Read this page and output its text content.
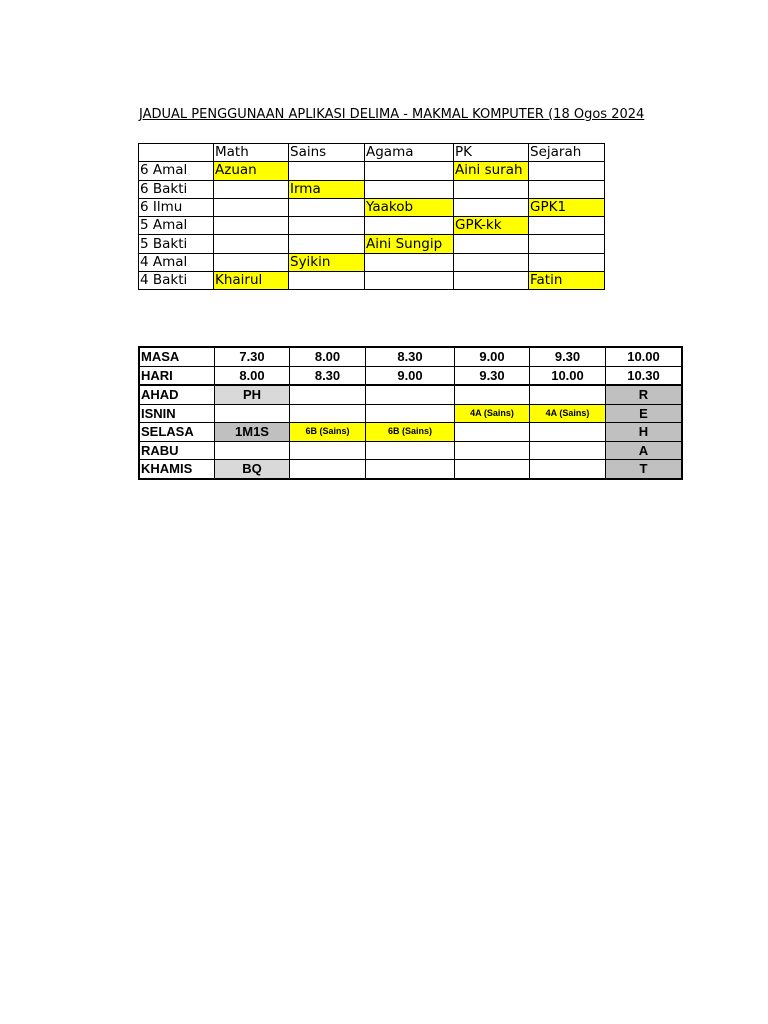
JADUAL PENGGUNAAN APLIKASI DELIMA - MAKMAL KOMPUTER (18 Ogos 2024
	Math	Sains	Agama	PK	Sejarah
6 Amal	Azuan			Aini surah	
6 Bakti		Irma			
6 Ilmu			Yaakob		GPK1
5 Amal				GPK-kk	
5 Bakti			Aini Sungip		
4 Amal		Syikin			
4 Bakti	Khairul				Fatin
MASA	7.30	8.00	8.30	9.00	9.30	10.00
HARI	8.00	8.30	9.00	9.30	10.00	10.30
AHAD	PH					R
ISNIN				4A (Sains)	4A (Sains)	E
SELASA	1M1S	6B (Sains)	6B (Sains)			H
RABU						A
KHAMIS	BQ					T
